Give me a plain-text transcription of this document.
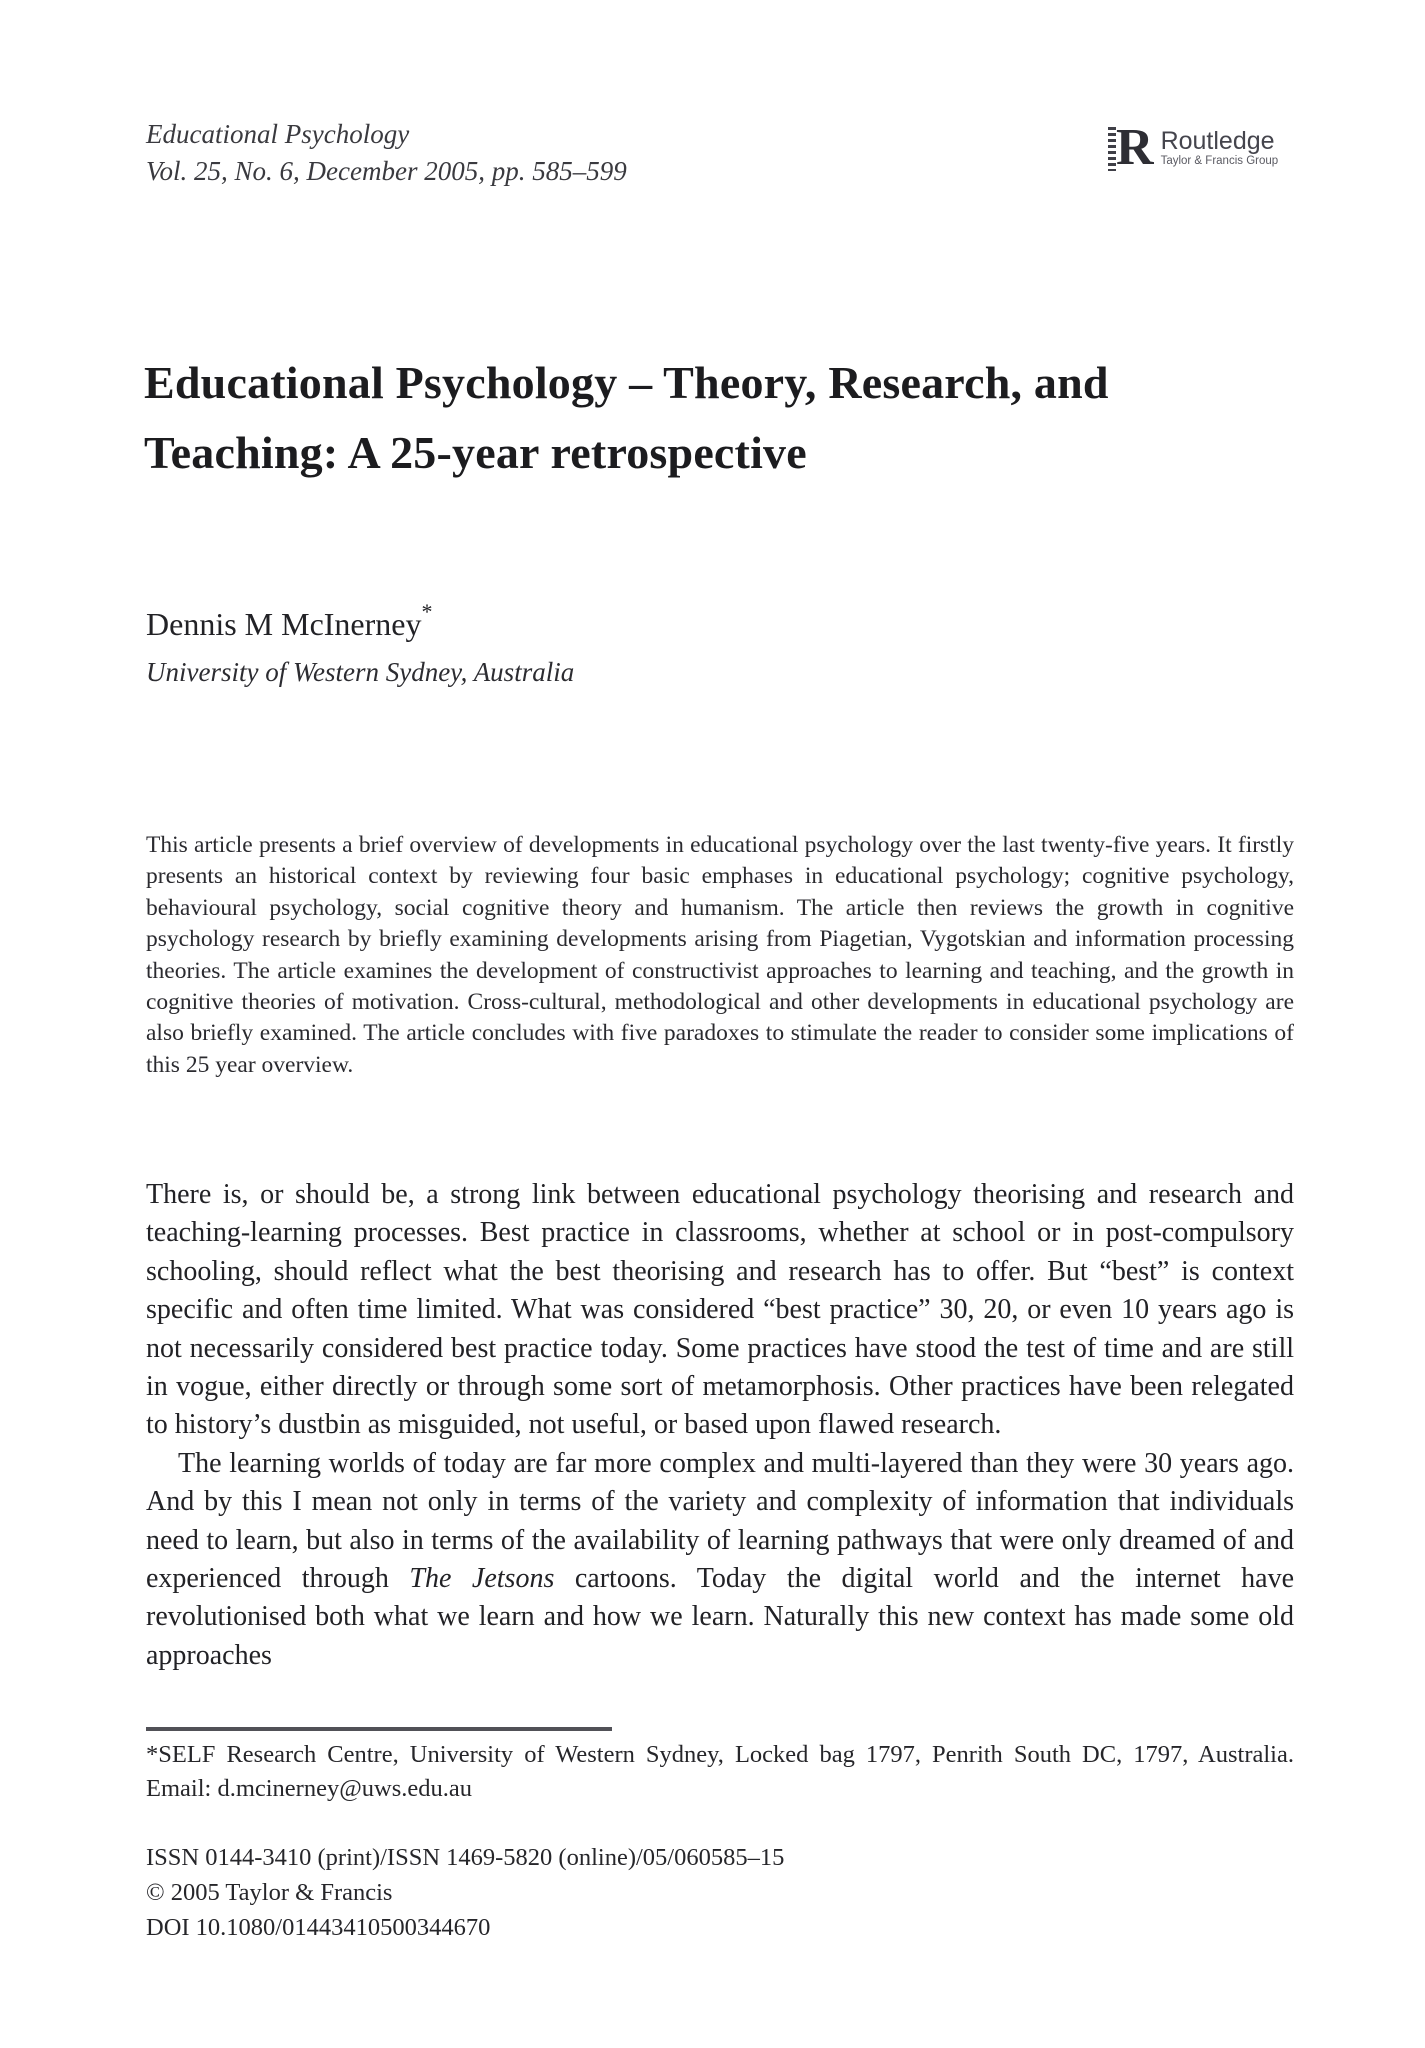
Educational Psychology
Vol. 25, No. 6, December 2005, pp. 585–599	R Routledge
Taylor & Francis Group
Educational Psychology – Theory, Research, and Teaching: A 25-year retrospective
Dennis M McInerney*
University of Western Sydney, Australia

This article presents a brief overview of developments in educational psychology over the last twenty-five years. It firstly presents an historical context by reviewing four basic emphases in educational psychology; cognitive psychology, behavioural psychology, social cognitive theory and humanism. The article then reviews the growth in cognitive psychology research by briefly examining developments arising from Piagetian, Vygotskian and information processing theories. The article examines the development of constructivist approaches to learning and teaching, and the growth in cognitive theories of motivation. Cross-cultural, methodological and other developments in educational psychology are also briefly examined. The article concludes with five paradoxes to stimulate the reader to consider some implications of this 25 year overview.

There is, or should be, a strong link between educational psychology theorising and research and teaching-learning processes. Best practice in classrooms, whether at school or in post-compulsory schooling, should reflect what the best theorising and research has to offer. But “best” is context specific and often time limited. What was considered “best practice” 30, 20, or even 10 years ago is not necessarily considered best practice today. Some practices have stood the test of time and are still in vogue, either directly or through some sort of metamorphosis. Other practices have been relegated to history’s dustbin as misguided, not useful, or based upon flawed research.

The learning worlds of today are far more complex and multi-layered than they were 30 years ago. And by this I mean not only in terms of the variety and complexity of information that individuals need to learn, but also in terms of the availability of learning pathways that were only dreamed of and experienced through The Jetsons cartoons. Today the digital world and the internet have revolutionised both what we learn and how we learn. Naturally this new context has made some old approaches

*SELF Research Centre, University of Western Sydney, Locked bag 1797, Penrith South DC, 1797, Australia. Email: d.mcinerney@uws.edu.au

ISSN 0144-3410 (print)/ISSN 1469-5820 (online)/05/060585–15
© 2005 Taylor & Francis
DOI 10.1080/01443410500344670
